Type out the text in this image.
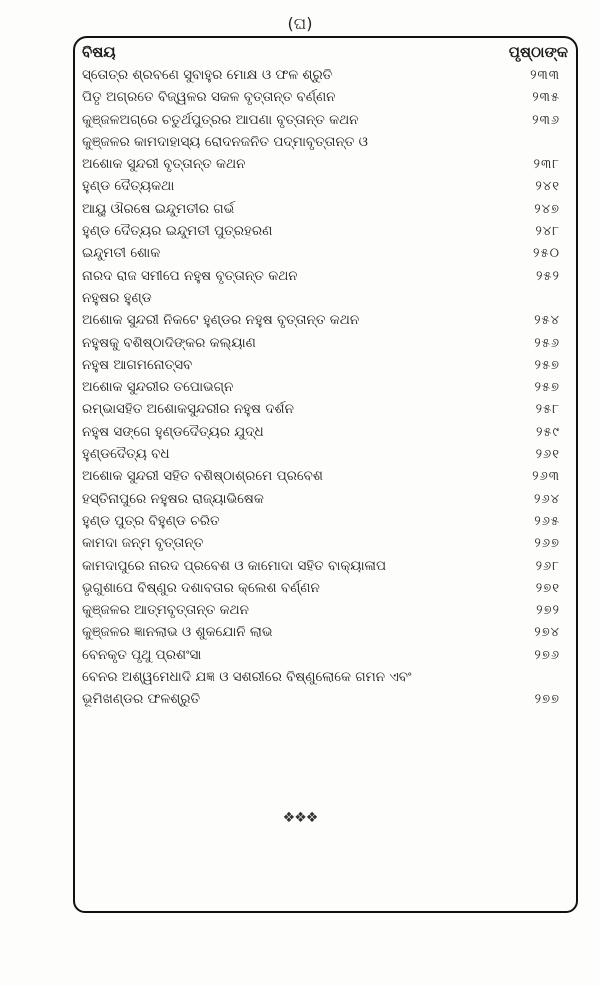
(ଘ)
ବିଷୟ	ପୃଷ୍ଠାଙ୍କ
ସ୍ତୋତ୍ର ଶ୍ରବଣେ ସୁବାହୁର ମୋକ୍ଷ ଓ ଫଳ ଶ୍ରୁତି	୨୩୩
ପିତୃ ଅଗ୍ରତେ ବିଜ୍ୱଳର ସକଳ ବୃତ୍ତାନ୍ତ ବର୍ଣ୍ଣନ	୨୩୫
କୁଞ୍ଜଳଅଗ୍ରେ ଚତୁର୍ଥପୁତ୍ରର ଆପଣା ବୃତ୍ତାନ୍ତ କଥନ	୨୩୬
କୁଞ୍ଜଳର କାମଦାହାସ୍ୟ ରୋଦନଜନିତ ପଦ୍ମାବୃତ୍ତାନ୍ତ ଓ
ଅଶୋକ ସୁନ୍ଦରୀ ବୃତ୍ତାନ୍ତ କଥନ	୨୩୮
ହୁଣ୍ଡ ଦୈତ୍ୟକଥା	୨୪୧
ଆୟୁ ଔରଷେ ଇନ୍ଦୁମତୀର ଗର୍ଭ	୨୪୭
ହୁଣ୍ଡ ଦୈତ୍ୟର ଇନ୍ଦୁମତୀ ପୁତ୍ରହରଣ	୨୪୮
ଇନ୍ଦୁମତୀ ଶୋକ	୨୫୦
ନାରଦ ରାଜ ସମୀପେ ନହୁଷ ବୃତ୍ତାନ୍ତ କଥନ	୨୫୨
ନହୁଷର ହୁଣ୍ଡ
ଅଶୋକ ସୁନ୍ଦରୀ ନିକଟେ ହୁଣ୍ଡର ନହୁଷ ବୃତ୍ତାନ୍ତ କଥନ	୨୫୪
ନହୁଷକୁ ବଶିଷ୍ଠାଦିଙ୍କର କଲ୍ୟାଣ	୨୫୬
ନହୁଷ ଆଗମନୋତ୍ସବ	୨୫୭
ଅଶୋକ ସୁନ୍ଦରୀର ତପୋଭଗ୍ନ	୨୫୭
ରମ୍ଭାସହିତ ଅଶୋକସୁନ୍ଦରୀର ନହୁଷ ଦର୍ଶନ	୨୫୮
ନହୁଷ ସଙ୍ଗେ ହୁଣ୍ଡଦୈତ୍ୟର ଯୁଦ୍ଧ	୨୫୯
ହୁଣ୍ଡଦୈତ୍ୟ ବଧ	୨୬୧
ଅଶୋକ ସୁନ୍ଦରୀ ସହିତ ବଶିଷ୍ଠାଶ୍ରମେ ପ୍ରବେଶ	୨୬୩
ହସ୍ତିନାପୁରେ ନହୁଷର ରାଜ୍ୟାଭିଷେକ	୨୬୪
ହୁଣ୍ଡ ପୁତ୍ର ବିହୁଣ୍ଡ ଚରିତ	୨୬୫
କାମଦା ଜନ୍ମ ବୃତ୍ତାନ୍ତ	୨୬୭
କାମଦାପୁରେ ନାରଦ ପ୍ରବେଶ ଓ କାମୋଦା ସହିତ ବାକ୍ୟାଳାପ	୨୬୮
ଭୃଗୁଶାପେ ବିଷ୍ଣୁର ଦଶାବତାର କ୍ଲେଶ ବର୍ଣ୍ଣନ	୨୭୧
କୁଞ୍ଜଳର ଆତ୍ମବୃତ୍ତାନ୍ତ କଥନ	୨୭୨
କୁଞ୍ଜଳର ଜ୍ଞାନଲାଭ ଓ ଶୁକଯୋନି ଲାଭ	୨୭୪
ବେନକୃତ ପୃଥୁ ପ୍ରଶଂସା	୨୭୬
ବେନର ଅଶ୍ୱମେଧାଦି ଯଜ୍ଞ ଓ ସଶରୀରେ ବିଷ୍ଣୁଲୋକେ ଗମନ ଏବଂ
ଭୂମିଖଣ୍ଡର ଫଳଶ୍ରୁତି	୨୭୭
❖❖❖
